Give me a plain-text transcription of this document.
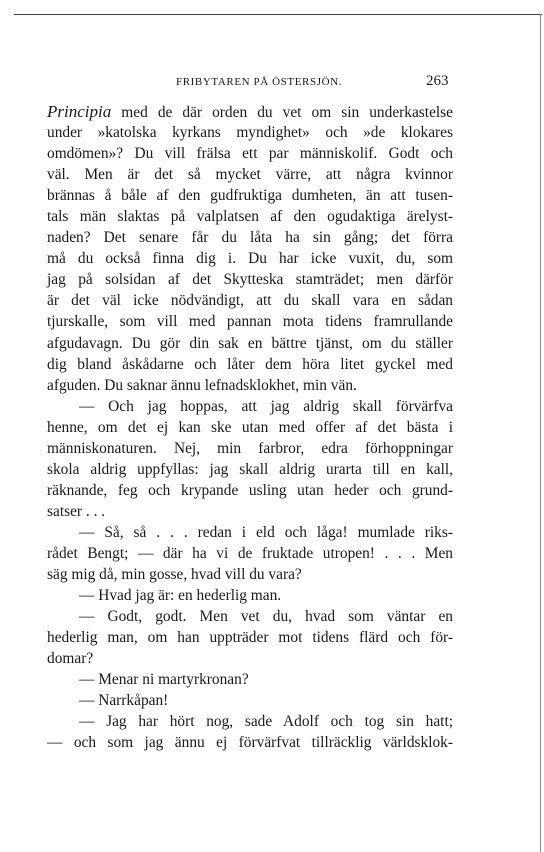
FRIBYTAREN PÅ ÖSTERSJÖN.	263
Principia med de där orden du vet om sin underkastelse
under »katolska kyrkans myndighet» och »de klokares
omdömen»? Du vill frälsa ett par människolif. Godt och
väl. Men är det så mycket värre, att några kvinnor
brännas å båle af den gudfruktiga dumheten, än att tusen-
tals män slaktas på valplatsen af den ogudaktiga ärelyst-
naden? Det senare får du låta ha sin gång; det förra
må du också finna dig i. Du har icke vuxit, du, som
jag på solsidan af det Skytteska stamträdet; men därför
är det väl icke nödvändigt, att du skall vara en sådan
tjurskalle, som vill med pannan mota tidens framrullande
afgudavagn. Du gör din sak en bättre tjänst, om du ställer
dig bland åskådarne och låter dem höra litet gyckel med
afguden. Du saknar ännu lefnadsklokhet, min vän.
— Och jag hoppas, att jag aldrig skall förvärfva
henne, om det ej kan ske utan med offer af det bästa i
människonaturen. Nej, min farbror, edra förhoppningar
skola aldrig uppfyllas: jag skall aldrig urarta till en kall,
räknande, feg och krypande usling utan heder och grund-
satser . . .
— Så, så . . . redan i eld och låga! mumlade riks-
rådet Bengt; — där ha vi de fruktade utropen! . . . Men
säg mig då, min gosse, hvad vill du vara?
— Hvad jag är: en hederlig man.
— Godt, godt. Men vet du, hvad som väntar en
hederlig man, om han uppträder mot tidens flärd och för-
domar?
— Menar ni martyrkronan?
— Narrkåpan!
— Jag har hört nog, sade Adolf och tog sin hatt;
— och som jag ännu ej förvärfvat tillräcklig världsklok-
